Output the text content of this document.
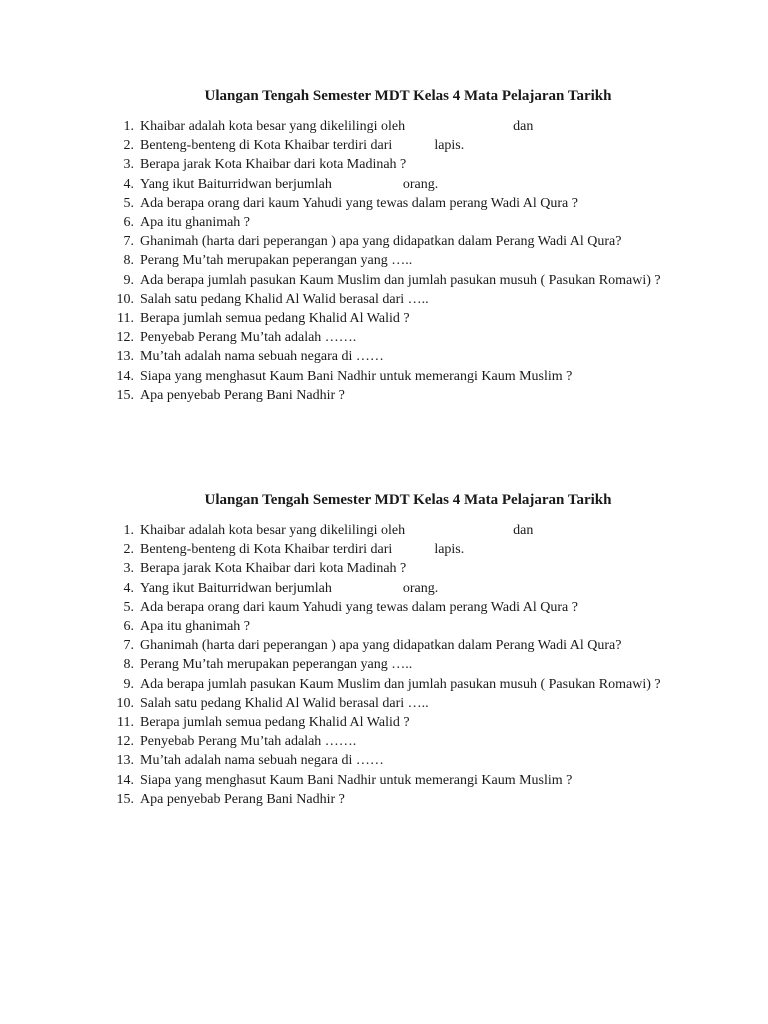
Ulangan Tengah Semester MDT Kelas 4 Mata Pelajaran Tarikh
1. Khaibar adalah kota besar yang dikelilingi oleh	dan
2. Benteng-benteng di Kota Khaibar terdiri dari	lapis.
3. Berapa jarak Kota Khaibar dari kota Madinah ?
4. Yang ikut Baiturridwan berjumlah	orang.
5. Ada berapa orang dari kaum Yahudi yang tewas dalam perang Wadi Al Qura ?
6. Apa itu ghanimah ?
7. Ghanimah (harta dari peperangan ) apa yang didapatkan dalam Perang Wadi Al Qura?
8. Perang Mu’tah merupakan peperangan yang …..
9. Ada berapa jumlah pasukan Kaum Muslim dan jumlah pasukan musuh ( Pasukan Romawi) ?
10. Salah satu pedang Khalid Al Walid berasal dari …..
11. Berapa jumlah semua pedang Khalid Al Walid ?
12. Penyebab Perang Mu’tah adalah …….
13. Mu’tah adalah nama sebuah negara di ……
14. Siapa yang menghasut Kaum Bani Nadhir untuk memerangi Kaum Muslim ?
15. Apa penyebab Perang Bani Nadhir ?
Ulangan Tengah Semester MDT Kelas 4 Mata Pelajaran Tarikh
1. Khaibar adalah kota besar yang dikelilingi oleh	dan
2. Benteng-benteng di Kota Khaibar terdiri dari	lapis.
3. Berapa jarak Kota Khaibar dari kota Madinah ?
4. Yang ikut Baiturridwan berjumlah	orang.
5. Ada berapa orang dari kaum Yahudi yang tewas dalam perang Wadi Al Qura ?
6. Apa itu ghanimah ?
7. Ghanimah (harta dari peperangan ) apa yang didapatkan dalam Perang Wadi Al Qura?
8. Perang Mu’tah merupakan peperangan yang …..
9. Ada berapa jumlah pasukan Kaum Muslim dan jumlah pasukan musuh ( Pasukan Romawi) ?
10. Salah satu pedang Khalid Al Walid berasal dari …..
11. Berapa jumlah semua pedang Khalid Al Walid ?
12. Penyebab Perang Mu’tah adalah …….
13. Mu’tah adalah nama sebuah negara di ……
14. Siapa yang menghasut Kaum Bani Nadhir untuk memerangi Kaum Muslim ?
15. Apa penyebab Perang Bani Nadhir ?
